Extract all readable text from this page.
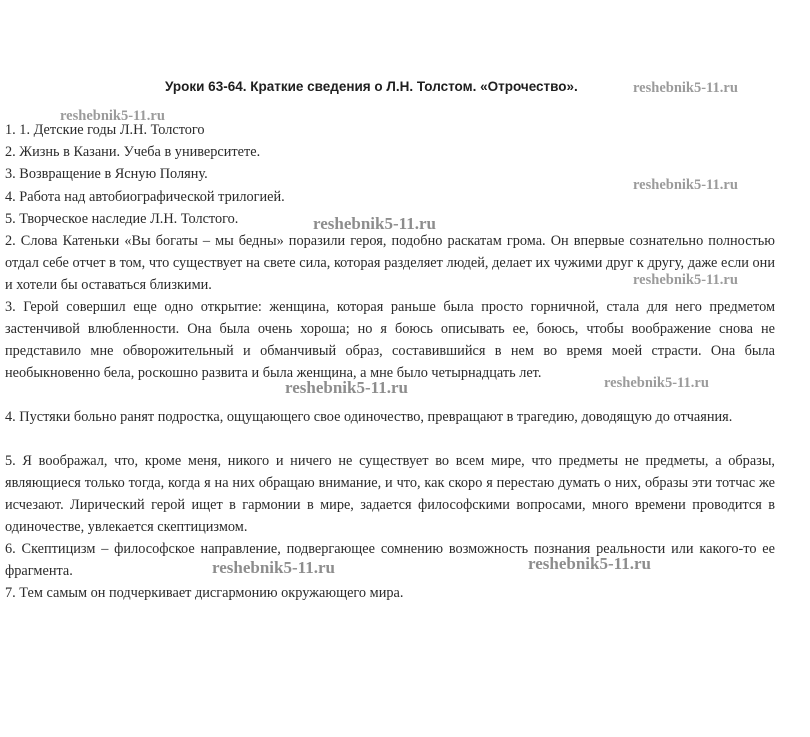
Уроки 63-64. Краткие сведения о Л.Н. Толстом. «Отрочество».	reshebnik5-11.ru
reshebnik5-11.ru
reshebnik5-11.ru
reshebnik5-11.ru
reshebnik5-11.ru
reshebnik5-11.ru	reshebnik5-11.ru
reshebnik5-11.ru	reshebnik5-11.ru
1. 1. Детские годы Л.Н. Толстого
2. Жизнь в Казани. Учеба в университете.
3. Возвращение в Ясную Поляну.
4. Работа над автобиографической трилогией.
5. Творческое наследие Л.Н. Толстого.
2. Слова Катеньки «Вы богаты – мы бедны» поразили героя, подобно раскатам грома. Он впервые сознательно полностью отдал себе отчет в том, что существует на свете сила, которая разделяет людей, делает их чужими друг к другу, даже если они и хотели бы оставаться близкими.
3. Герой совершил еще одно открытие: женщина, которая раньше была просто горничной, стала для него предметом застенчивой влюбленности. Она была очень хороша; но я боюсь описывать ее, боюсь, чтобы воображение снова не представило мне обворожительный и обманчивый образ, составившийся в нем во время моей страсти. Она была необыкновенно бела, роскошно развита и была женщина, а мне было четырнадцать лет.
4. Пустяки больно ранят подростка, ощущающего свое одиночество, превращают в трагедию, доводящую до отчаяния.
5. Я воображал, что, кроме меня, никого и ничего не существует во всем мире, что предметы не предметы, а образы, являющиеся только тогда, когда я на них обращаю внимание, и что, как скоро я перестаю думать о них, образы эти тотчас же исчезают. Лирический герой ищет в гармонии в мире, задается философскими вопросами, много времени проводится в одиночестве, увлекается скептицизмом.
6. Скептицизм – философское направление, подвергающее сомнению возможность познания реальности или какого-то ее фрагмента.
7. Тем самым он подчеркивает дисгармонию окружающего мира.
